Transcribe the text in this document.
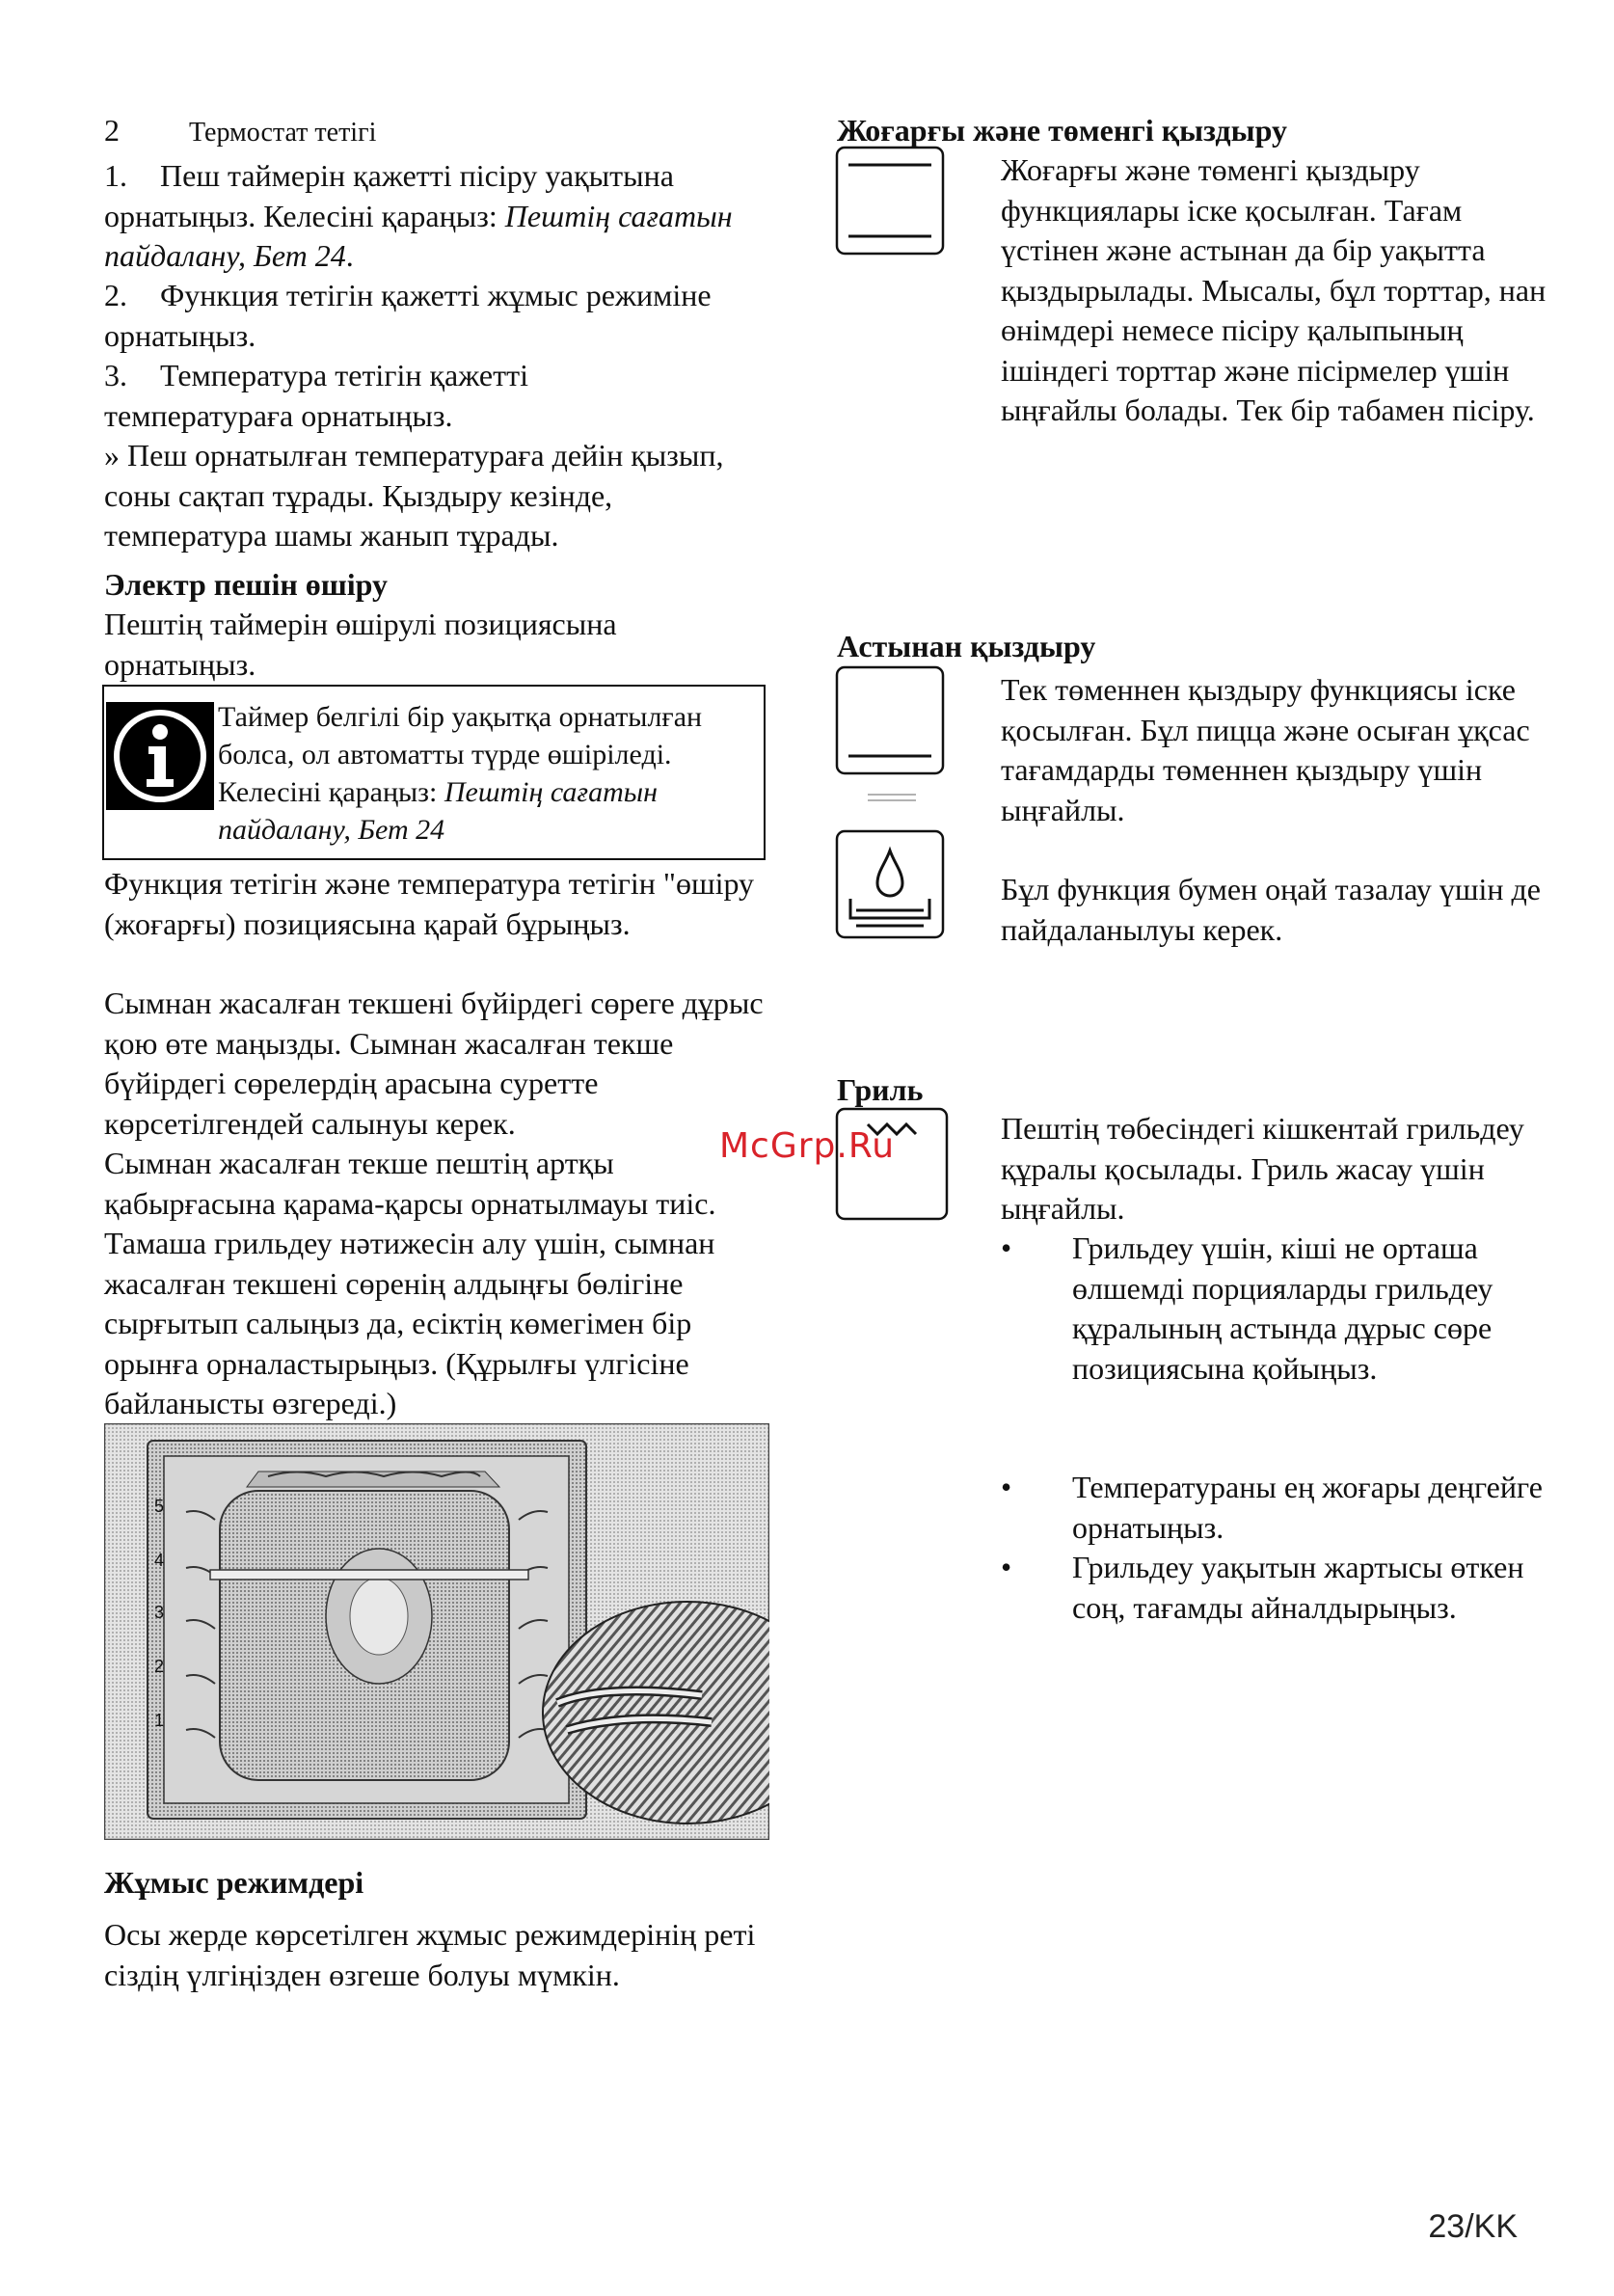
2	Термостат тетігі
1. Пеш таймерін қажетті пісіру уақытына орнатыңыз. Келесіні қараңыз: Пештің сағатын пайдалану, Бет 24.
2. Функция тетігін қажетті жұмыс режиміне орнатыңыз.
3. Температура тетігін қажетті температураға орнатыңыз.
» Пеш орнатылған температураға дейін қызып, соны сақтап тұрады. Қыздыру кезінде, температура шамы жанып тұрады.
Электр пешін өшіру
Пештің таймерін өшірулі позициясына орнатыңыз.
Таймер белгілі бір уақытқа орнатылған болса, ол автоматты түрде өшіріледі. Келесіні қараңыз: Пештің сағатын пайдалану, Бет 24
Функция тетігін және температура тетігін "өшіру (жоғарғы) позициясына қарай бұрыңыз.
Сымнан жасалған текшені бүйірдегі сөреге дұрыс қою өте маңызды. Сымнан жасалған текше бүйірдегі сөрелердің арасына суретте көрсетілгендей салынуы керек.
Сымнан жасалған текше пештің артқы қабырғасына қарама-қарсы орнатылмауы тиіс. Тамаша грильдеу нәтижесін алу үшін, сымнан жасалған текшені сөренің алдыңғы бөлігіне сырғытып салыңыз да, есіктің көмегімен бір орынға орналастырыңыз. (Құрылғы үлгісіне байланысты өзгереді.)
5
4
3
2
1
Жұмыс режимдері
Осы жерде көрсетілген жұмыс режимдерінің реті сіздің үлгіңізден өзгеше болуы мүмкін.
Жоғарғы және төменгі қыздыру
Жоғарғы және төменгі қыздыру функциялары іске қосылған. Тағам үстінен және астынан да бір уақытта қыздырылады. Мысалы, бұл торттар, нан өнімдері немесе пісіру қалыпының ішіндегі торттар және пісірмелер үшін ыңғайлы болады. Тек бір табамен пісіру.
Астынан қыздыру
Тек төменнен қыздыру функциясы іске қосылған. Бұл пицца және осыған ұқсас тағамдарды төменнен қыздыру үшін ыңғайлы.
Бұл функция бумен оңай тазалау үшін де пайдаланылуы керек.
Гриль
Пештің төбесіндегі кішкентай грильдеу құралы қосылады. Гриль жасау үшін ыңғайлы.
• Грильдеу үшін, кіші не орташа өлшемді порцияларды грильдеу құралының астында дұрыс сөре позициясына қойыңыз.
• Температураны ең жоғары деңгейге орнатыңыз.
• Грильдеу уақытын жартысы өткен соң, тағамды айналдырыңыз.
McGrp.Ru
23/KK
